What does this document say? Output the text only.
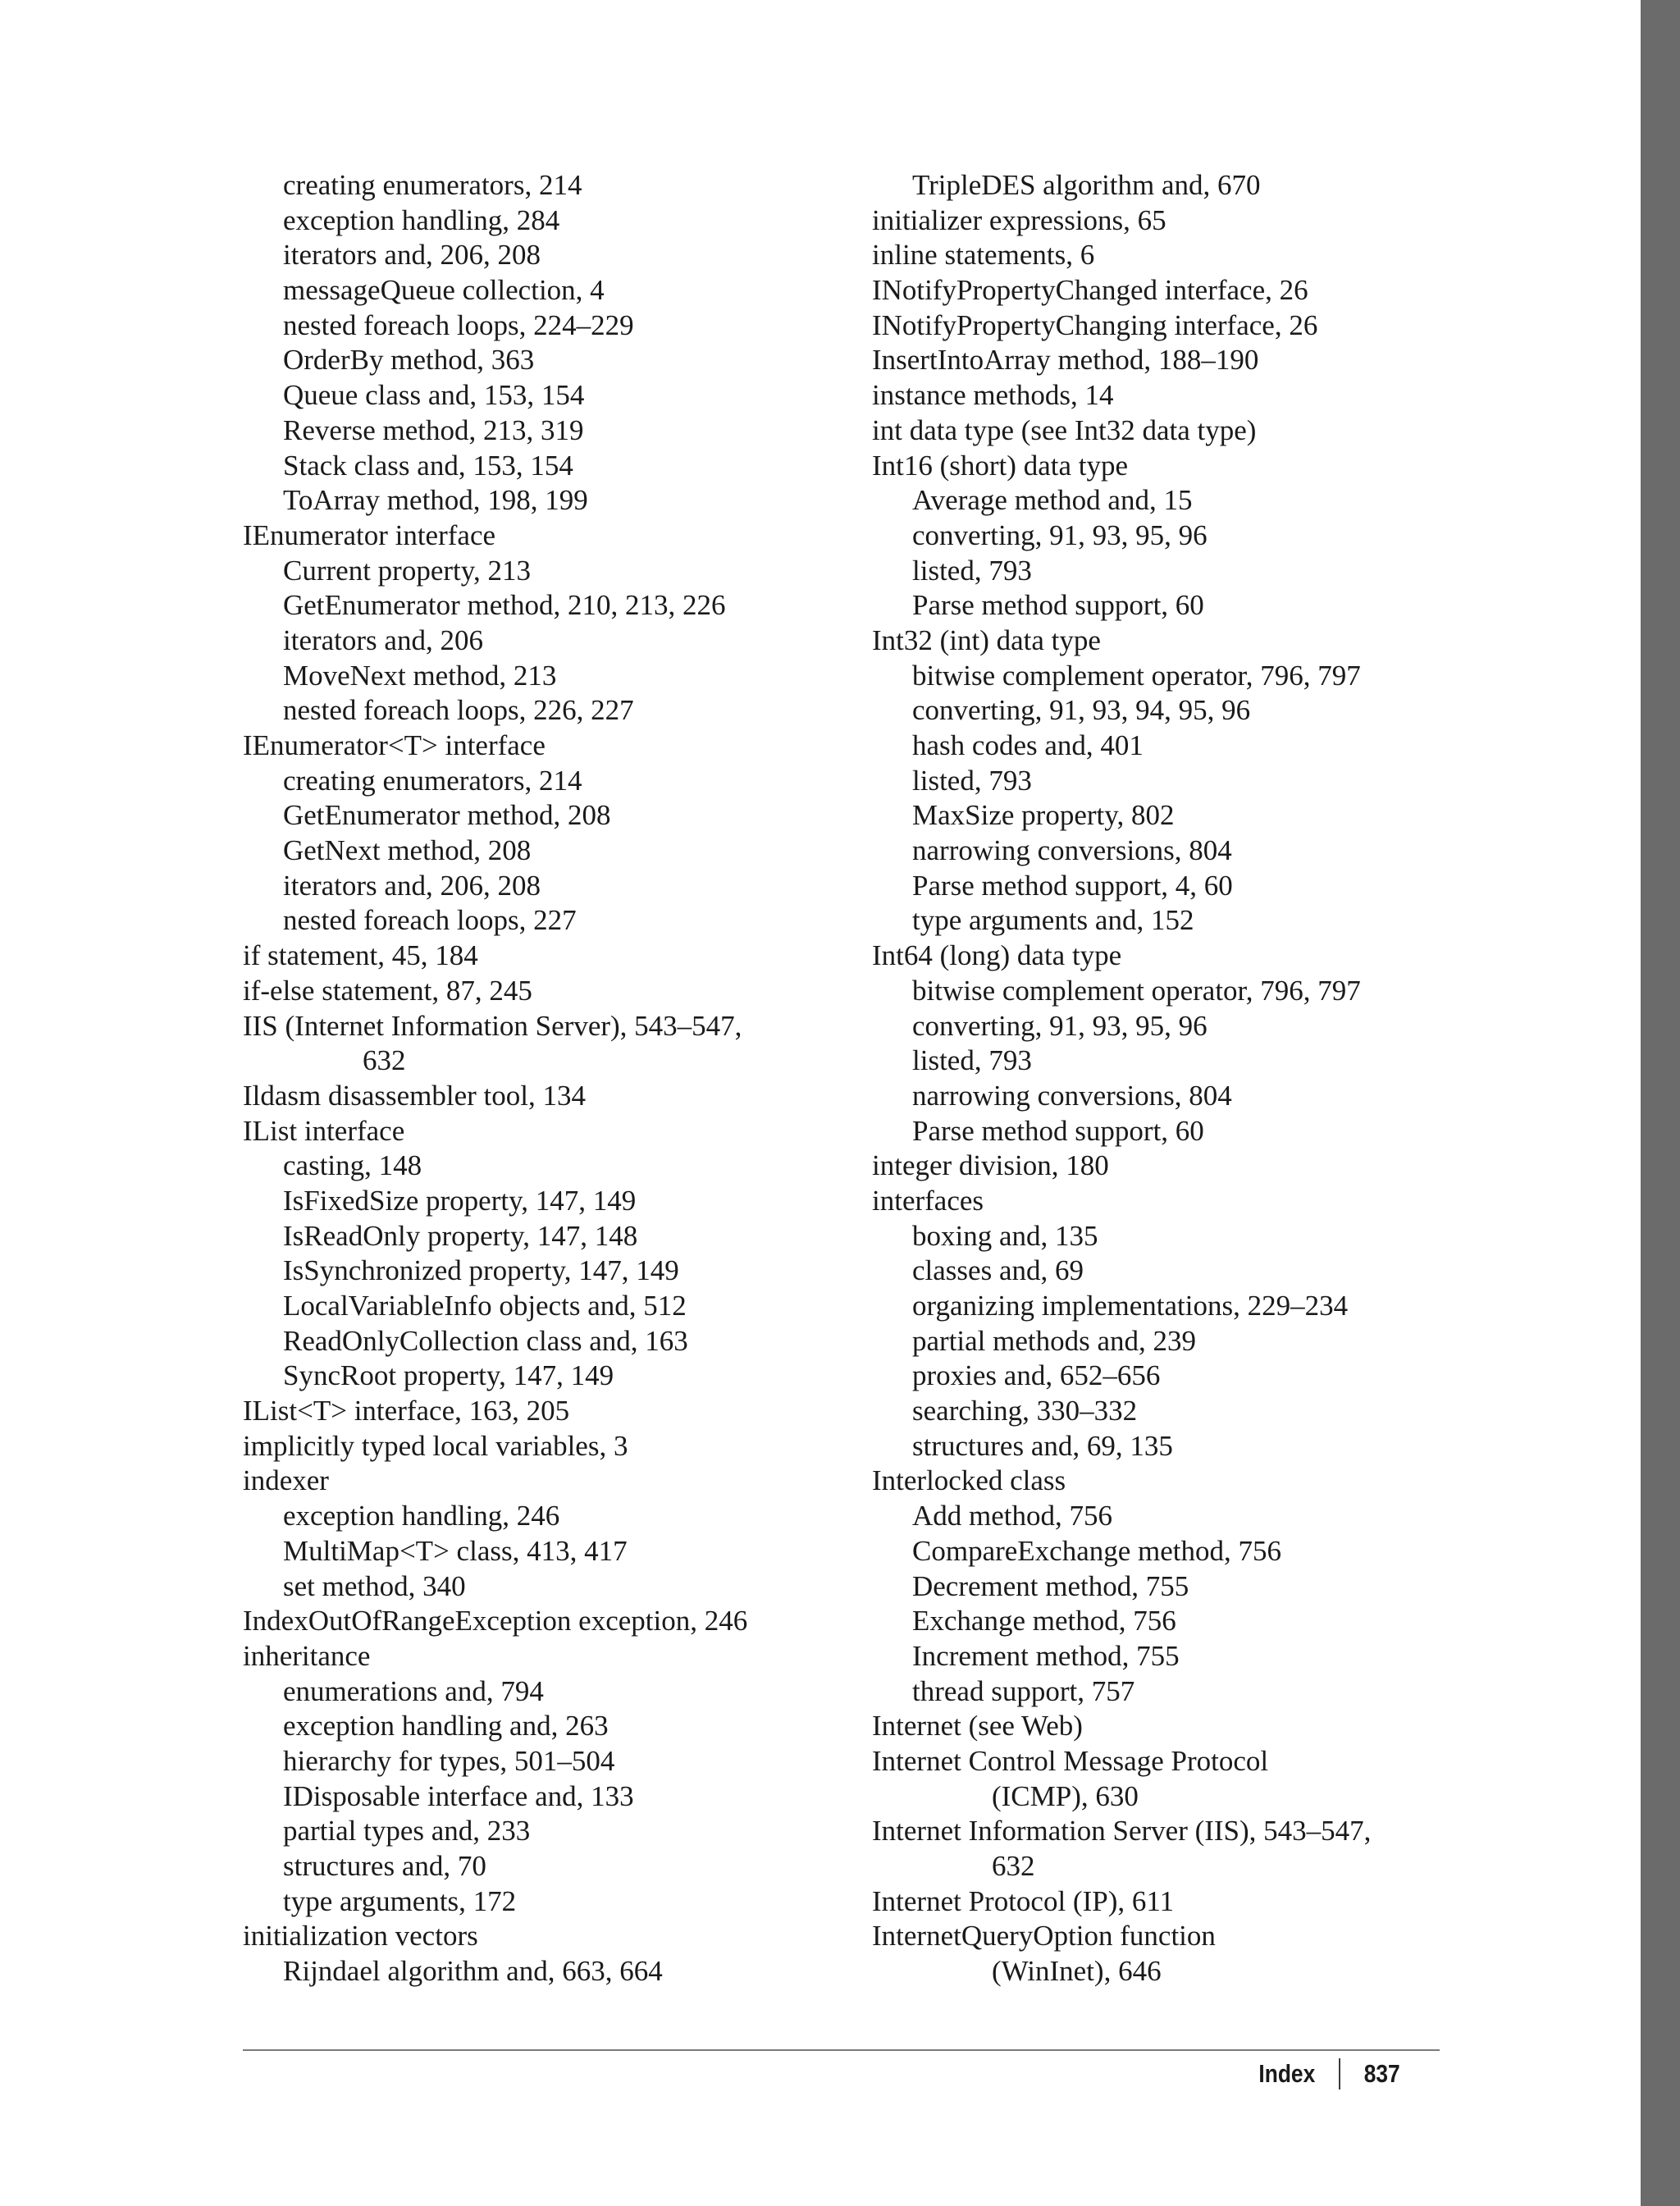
creating enumerators, 214
exception handling, 284
iterators and, 206, 208
messageQueue collection, 4
nested foreach loops, 224–229
OrderBy method, 363
Queue class and, 153, 154
Reverse method, 213, 319
Stack class and, 153, 154
ToArray method, 198, 199
IEnumerator interface
Current property, 213
GetEnumerator method, 210, 213, 226
iterators and, 206
MoveNext method, 213
nested foreach loops, 226, 227
IEnumerator<T> interface
creating enumerators, 214
GetEnumerator method, 208
GetNext method, 208
iterators and, 206, 208
nested foreach loops, 227
if statement, 45, 184
if-else statement, 87, 245
IIS (Internet Information Server), 543–547,
632
Ildasm disassembler tool, 134
IList interface
casting, 148
IsFixedSize property, 147, 149
IsReadOnly property, 147, 148
IsSynchronized property, 147, 149
LocalVariableInfo objects and, 512
ReadOnlyCollection class and, 163
SyncRoot property, 147, 149
IList<T> interface, 163, 205
implicitly typed local variables, 3
indexer
exception handling, 246
MultiMap<T> class, 413, 417
set method, 340
IndexOutOfRangeException exception, 246
inheritance
enumerations and, 794
exception handling and, 263
hierarchy for types, 501–504
IDisposable interface and, 133
partial types and, 233
structures and, 70
type arguments, 172
initialization vectors
Rijndael algorithm and, 663, 664
TripleDES algorithm and, 670
initializer expressions, 65
inline statements, 6
INotifyPropertyChanged interface, 26
INotifyPropertyChanging interface, 26
InsertIntoArray method, 188–190
instance methods, 14
int data type (see Int32 data type)
Int16 (short) data type
Average method and, 15
converting, 91, 93, 95, 96
listed, 793
Parse method support, 60
Int32 (int) data type
bitwise complement operator, 796, 797
converting, 91, 93, 94, 95, 96
hash codes and, 401
listed, 793
MaxSize property, 802
narrowing conversions, 804
Parse method support, 4, 60
type arguments and, 152
Int64 (long) data type
bitwise complement operator, 796, 797
converting, 91, 93, 95, 96
listed, 793
narrowing conversions, 804
Parse method support, 60
integer division, 180
interfaces
boxing and, 135
classes and, 69
organizing implementations, 229–234
partial methods and, 239
proxies and, 652–656
searching, 330–332
structures and, 69, 135
Interlocked class
Add method, 756
CompareExchange method, 756
Decrement method, 755
Exchange method, 756
Increment method, 755
thread support, 757
Internet (see Web)
Internet Control Message Protocol
(ICMP), 630
Internet Information Server (IIS), 543–547,
632
Internet Protocol (IP), 611
InternetQueryOption function
(WinInet), 646
Index 837
